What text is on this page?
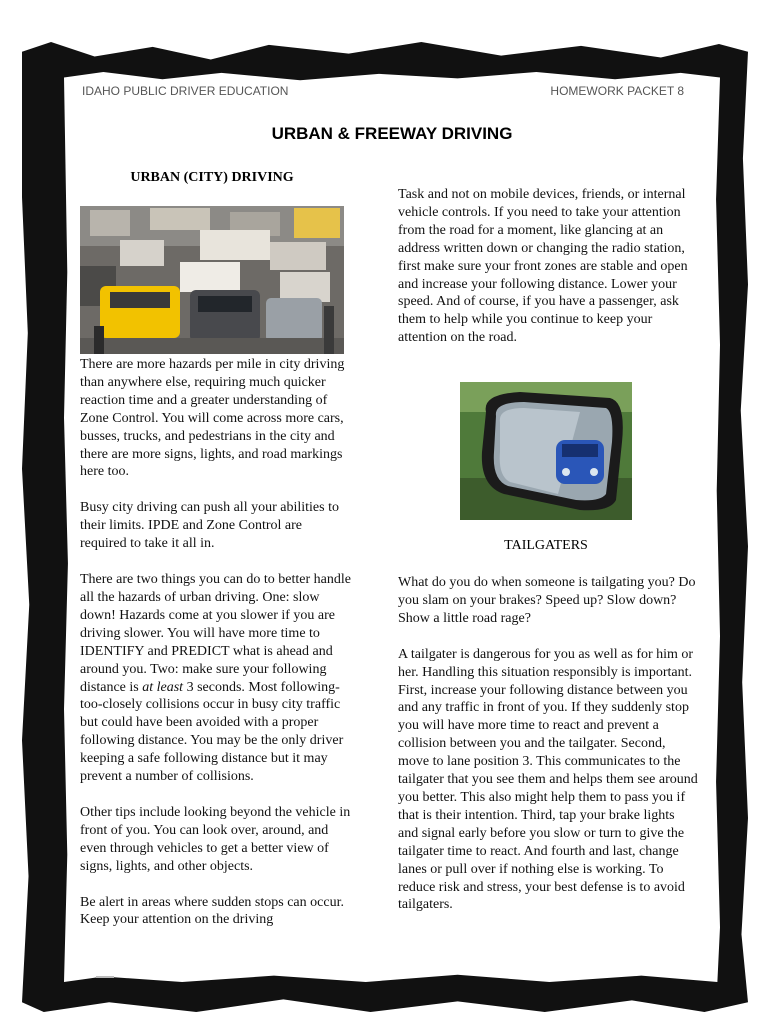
IDAHO PUBLIC DRIVER EDUCATION	HOMEWORK PACKET 8
URBAN & FREEWAY DRIVING
URBAN (CITY) DRIVING

There are more hazards per mile in city driving than anywhere else, requiring much quicker reaction time and a greater understanding of Zone Control. You will come across more cars, busses, trucks, and pedestrians in the city and there are more signs, lights, and road markings here too.

Busy city driving can push all your abilities to their limits. IPDE and Zone Control are required to take it all in.

There are two things you can do to better handle all the hazards of urban driving. One: slow down! Hazards come at you slower if you are driving slower. You will have more time to IDENTIFY and PREDICT what is ahead and around you. Two: make sure your following distance is at least 3 seconds. Most following-too-closely collisions occur in busy city traffic but could have been avoided with a proper following distance. You may be the only driver keeping a safe following distance but it may prevent a number of collisions.

Other tips include looking beyond the vehicle in front of you. You can look over, around, and even through vehicles to get a better view of signs, lights, and other objects.

Be alert in areas where sudden stops can occur. Keep your attention on the driving

Task and not on mobile devices, friends, or internal vehicle controls. If you need to take your attention from the road for a moment, like glancing at an address written down or changing the radio station, first make sure your front zones are stable and open and increase your following distance. Lower your speed. And of course, if you have a passenger, ask them to help while you continue to keep your attention on the road.

TAILGATERS

What do you do when someone is tailgating you? Do you slam on your brakes? Speed up? Slow down? Show a little road rage?

A tailgater is dangerous for you as well as for him or her. Handling this situation responsibly is important. First, increase your following distance between you and any traffic in front of you. If they suddenly stop you will have more time to react and prevent a collision between you and the tailgater. Second, move to lane position 3. This communicates to the tailgater that you see them and helps them see around you better. This also might help them to pass you if that is their intention. Third, tap your brake lights and signal early before you slow or turn to give the tailgater time to react. And fourth and last, change lanes or pull over if nothing else is working. To reduce risk and stress, your best defense is to avoid tailgaters.
